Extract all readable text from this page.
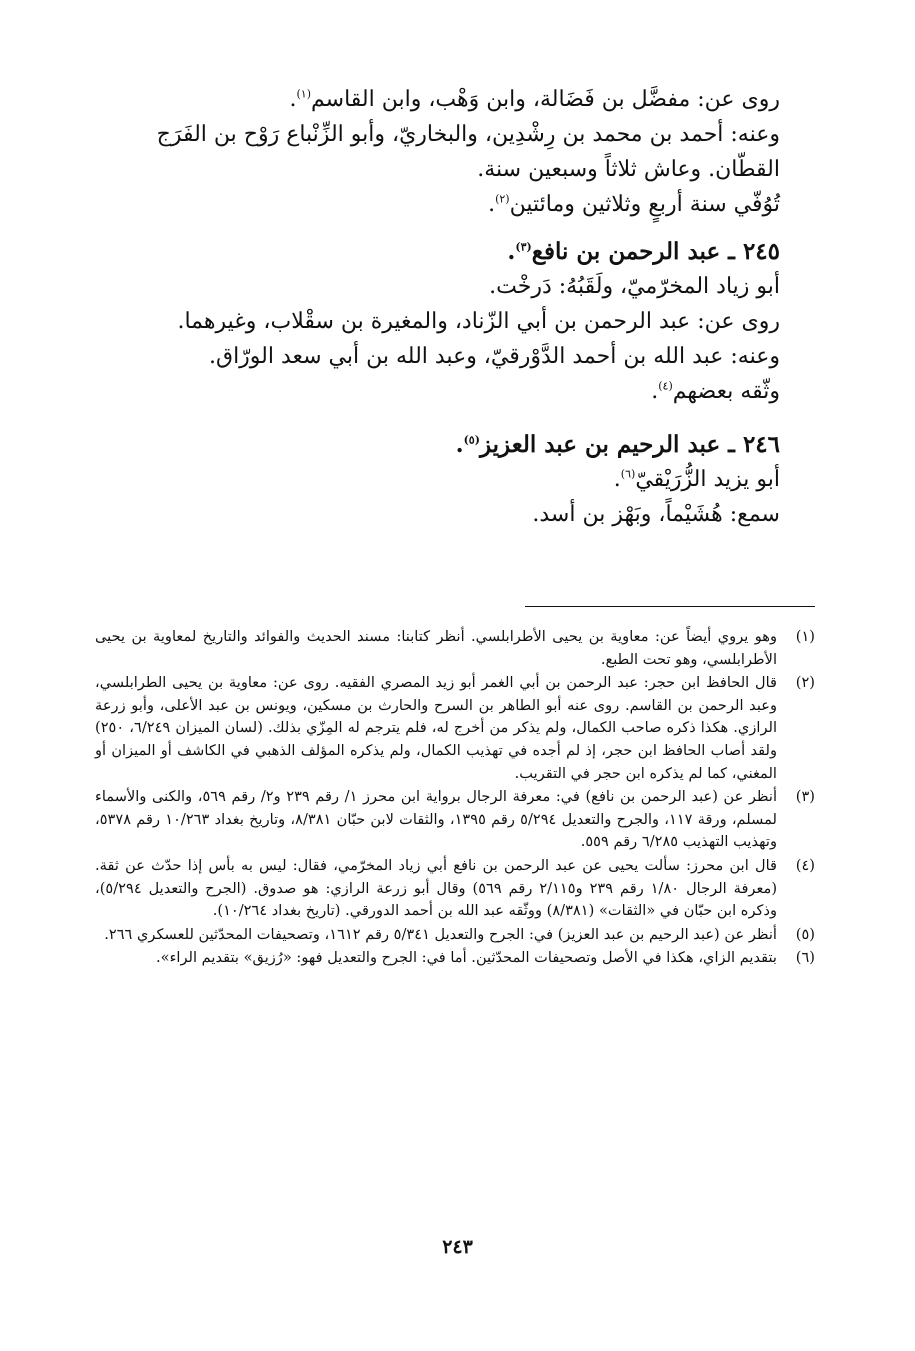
روى عن: مفضَّل بن فَضَالة، وابن وَهْب، وابن القاسم$^{(١)}$.

وعنه: أحمد بن محمد بن رِشْدِين، والبخاريّ، وأبو الزِّنْباع رَوْح بن الفَرَج القطّان. وعاش ثلاثاً وسبعين سنة.

تُوُفّي سنة أربعٍ وثلاثين ومائتين$^{(٢)}$.

٢٤٥ ـ عبد الرحمن بن نافع$^{(٣)}$.

أبو زياد المخرّميّ، ولَقَبُهُ: دَرخْت.

روى عن: عبد الرحمن بن أبي الزّناد، والمغيرة بن سقْلاب، وغيرهما.

وعنه: عبد الله بن أحمد الدَّوْرقيّ، وعبد الله بن أبي سعد الورّاق.

وثّقه بعضهم$^{(٤)}$.

٢٤٦ ـ عبد الرحيم بن عبد العزيز$^{(٥)}$.

أبو يزيد الزُّرَيْقيّ$^{(٦)}$.

سمع: هُشَيْماً، وبَهْز بن أسد.

(١)
وهو يروي أيضاً عن: معاوية بن يحيى الأطرابلسي. أنظر كتابنا: مسند الحديث والفوائد والتاريخ لمعاوية بن يحيى الأطرابلسي، وهو تحت الطبع.
(٢)
قال الحافظ ابن حجر: عبد الرحمن بن أبي الغمر أبو زيد المصري الفقيه. روى عن: معاوية بن يحيى الطرابلسي، وعبد الرحمن بن القاسم. روى عنه أبو الطاهر بن السرح والحارث بن مسكين، ويونس بن عبد الأعلى، وأبو زرعة الرازي. هكذا ذكره صاحب الكمال، ولم يذكر من أخرج له، فلم يترجم له المِزّي بذلك. (لسان الميزان ٦/٢٤٩، ٢٥٠) ولقد أصاب الحافظ ابن حجر، إذ لم أجده في تهذيب الكمال، ولم يذكره المؤلف الذهبي في الكاشف أو الميزان أو المغني، كما لم يذكره ابن حجر في التقريب.
(٣)
أنظر عن (عبد الرحمن بن نافع) في: معرفة الرجال برواية ابن محرز ١/ رقم ٢٣٩ و٢/ رقم ٥٦٩، والكنى والأسماء لمسلم، ورقة ١١٧، والجرح والتعديل ٥/٢٩٤ رقم ١٣٩٥، والثقات لابن حبّان ٨/٣٨١، وتاريخ بغداد ١٠/٢٦٣ رقم ٥٣٧٨، وتهذيب التهذيب ٦/٢٨٥ رقم ٥٥٩.
(٤)
قال ابن محرز: سألت يحيى عن عبد الرحمن بن نافع أبي زياد المخرّمي، فقال: ليس به بأس إذا حدّث عن ثقة. (معرفة الرجال ١/٨٠ رقم ٢٣٩ و٢/١١٥ رقم ٥٦٩) وقال أبو زرعة الرازي: هو صدوق. (الجرح والتعديل ٥/٢٩٤)، وذكره ابن حبّان في «الثقات» (٨/٣٨١) ووثّقه عبد الله بن أحمد الدورقي. (تاريخ بغداد ١٠/٢٦٤).
(٥)
أنظر عن (عبد الرحيم بن عبد العزيز) في: الجرح والتعديل ٥/٣٤١ رقم ١٦١٢، وتصحيفات المحدّثين للعسكري ٢٦٦.
(٦)
بتقديم الزاي، هكذا في الأصل وتصحيفات المحدّثين. أما في: الجرح والتعديل فهو: «رُزيق» بتقديم الراء».
٢٤٣
